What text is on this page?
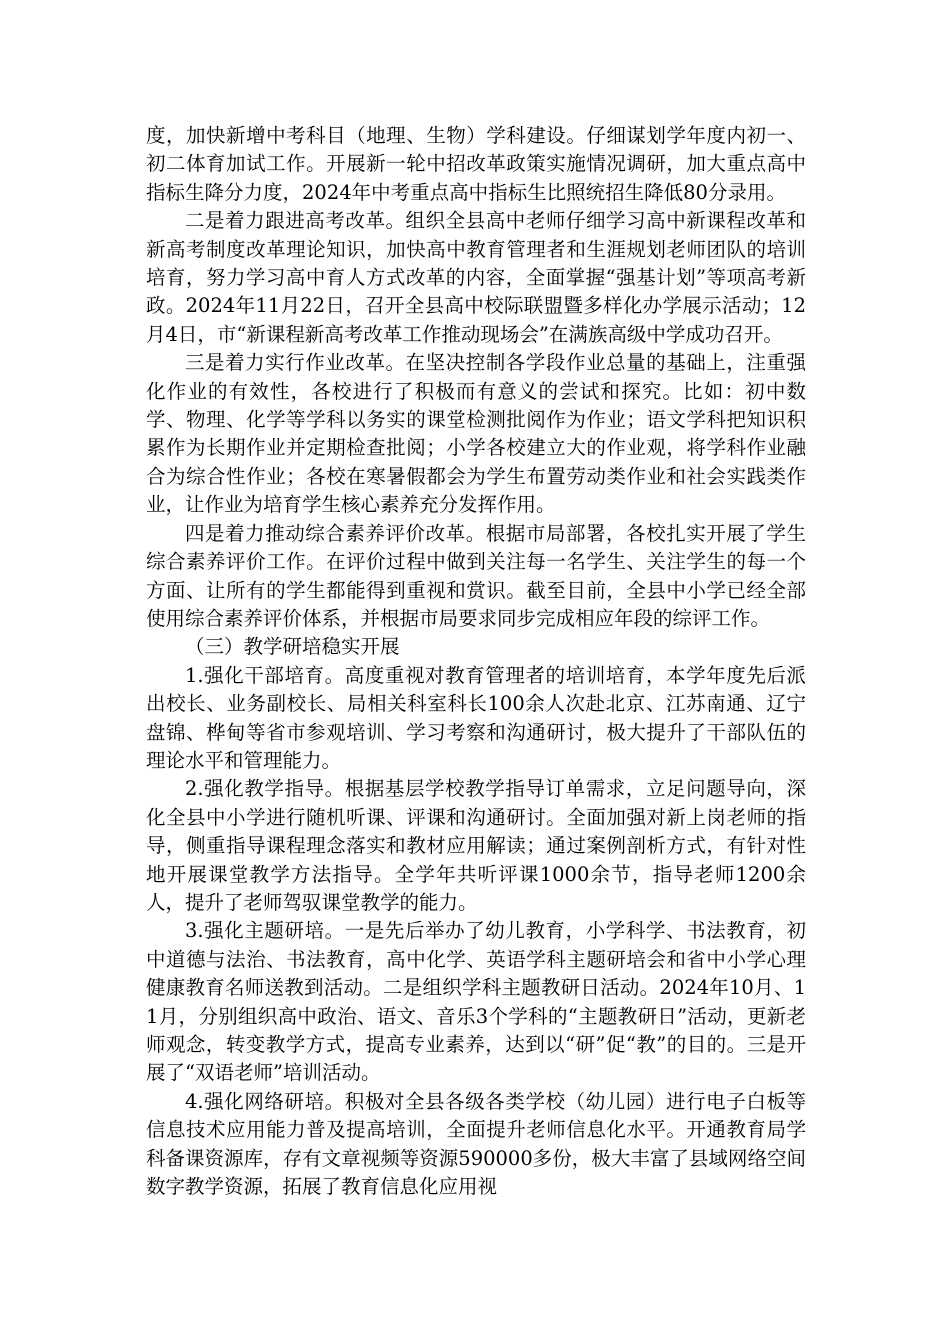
度，加快新增中考科目（地理、生物）学科建设。仔细谋划学年度内初一、初二体育加试工作。开展新一轮中招改革政策实施情况调研，加大重点高中指标生降分力度，2024年中考重点高中指标生比照统招生降低80分录用。

二是着力跟进高考改革。组织全县高中老师仔细学习高中新课程改革和新高考制度改革理论知识，加快高中教育管理者和生涯规划老师团队的培训培育，努力学习高中育人方式改革的内容，全面掌握“强基计划”等项高考新政。2024年11月22日，召开全县高中校际联盟暨多样化办学展示活动；12月4日，市“新课程新高考改革工作推动现场会”在满族高级中学成功召开。

三是着力实行作业改革。在坚决控制各学段作业总量的基础上，注重强化作业的有效性，各校进行了积极而有意义的尝试和探究。比如：初中数学、物理、化学等学科以务实的课堂检测批阅作为作业；语文学科把知识积累作为长期作业并定期检查批阅；小学各校建立大的作业观，将学科作业融合为综合性作业；各校在寒暑假都会为学生布置劳动类作业和社会实践类作业，让作业为培育学生核心素养充分发挥作用。

四是着力推动综合素养评价改革。根据市局部署，各校扎实开展了学生综合素养评价工作。在评价过程中做到关注每一名学生、关注学生的每一个方面、让所有的学生都能得到重视和赏识。截至目前，全县中小学已经全部使用综合素养评价体系，并根据市局要求同步完成相应年段的综评工作。

（三）教学研培稳实开展

1.强化干部培育。高度重视对教育管理者的培训培育，本学年度先后派出校长、业务副校长、局相关科室科长100余人次赴北京、江苏南通、辽宁盘锦、桦甸等省市参观培训、学习考察和沟通研讨，极大提升了干部队伍的理论水平和管理能力。

2.强化教学指导。根据基层学校教学指导订单需求，立足问题导向，深化全县中小学进行随机听课、评课和沟通研讨。全面加强对新上岗老师的指导，侧重指导课程理念落实和教材应用解读；通过案例剖析方式，有针对性地开展课堂教学方法指导。全学年共听评课1000余节，指导老师1200余人，提升了老师驾驭课堂教学的能力。

3.强化主题研培。一是先后举办了幼儿教育，小学科学、书法教育，初中道德与法治、书法教育，高中化学、英语学科主题研培会和省中小学心理健康教育名师送教到活动。二是组织学科主题教研日活动。2024年10月、11月，分别组织高中政治、语文、音乐3个学科的“主题教研日”活动，更新老师观念，转变教学方式，提高专业素养，达到以“研”促“教”的目的。三是开展了“双语老师”培训活动。

4.强化网络研培。积极对全县各级各类学校（幼儿园）进行电子白板等信息技术应用能力普及提高培训，全面提升老师信息化水平。开通教育局学科备课资源库，存有文章视频等资源590000多份，极大丰富了县域网络空间数字教学资源，拓展了教育信息化应用视
